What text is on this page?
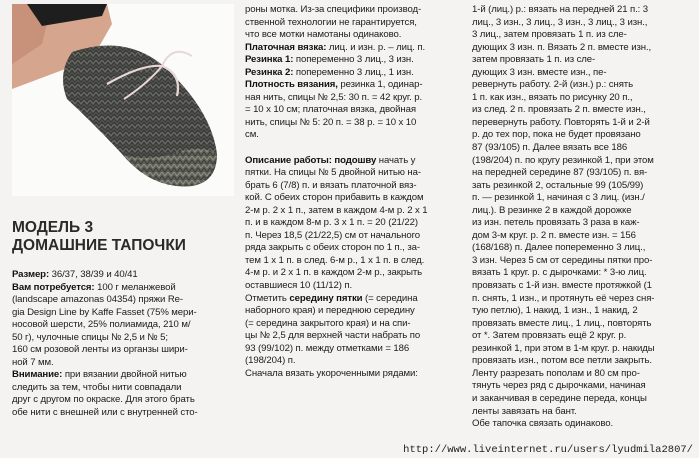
МОДЕЛЬ 3
ДОМАШНИЕ ТАПОЧКИ
Размер: 36/37, 38/39 и 40/41
Вам потребуется: 100 г меланжевой
(landscape amazonas 04354) пряжи Re-
gia Design Line by Kaffe Fasset (75% мери-
носовой шерсти, 25% полиамида, 210 м/
50 г), чулочные спицы № 2,5 и № 5;
160 см розовой ленты из органзы шири-
ной 7 мм.
Внимание: при вязании двойной нитью
следить за тем, чтобы нити совпадали
друг с другом по окраске. Для этого брать
обе нити с внешней или с внутренней сто-
роны мотка. Из-за специфики производ-
ственной технологии не гарантируется,
что все мотки намотаны одинаково.
Платочная вязка: лиц. и изн. р. – лиц. п.
Резинка 1: попеременно 3 лиц., 3 изн.
Резинка 2: попеременно 3 лиц., 1 изн.
Плотность вязания, резинка 1, одинар-
ная нить, спицы № 2,5: 30 п. = 42 круг. р.
= 10 х 10 см; платочная вязка, двойная
нить, спицы № 5: 20 п. = 38 р. = 10 х 10
см.
Описание работы: подошву начать у
пятки. На спицы № 5 двойной нитью на-
брать 6 (7/8) п. и вязать платочной вяз-
кой. С обеих сторон прибавить в каждом
2-м р. 2 х 1 п., затем в каждом 4-м р. 2 х 1
п. и в каждом 8-м р. 3 х 1 п. = 20 (21/22)
п. Через 18,5 (21/22,5) см от начального
ряда закрыть с обеих сторон по 1 п., за-
тем 1 х 1 п. в след. 6-м р., 1 х 1 п. в след.
4-м р. и 2 х 1 п. в каждом 2-м р., закрыть
оставшиеся 10 (11/12) п.
Отметить середину пятки (= середина
наборного края) и переднюю середину
(= середина закрытого края) и на спи-
цы № 2,5 для верхней части набрать по
93 (99/102) п. между отметками = 186
(198/204) п.
Сначала вязать укороченными рядами:
1-й (лиц.) р.: вязать на передней 21 п.: 3
лиц., 3 изн., 3 лиц., 3 изн., 3 лиц., 3 изн.,
3 лиц., затем провязать 1 п. из сле-
дующих 3 изн. п. Вязать 2 п. вместе изн.,
затем провязать 1 п. из сле-
дующих 3 изн. вместе изн., пе-
ревернуть работу. 2-й (изн.) р.: снять
1 п. как изн., вязать по рисунку 20 п.,
из след. 2 п. провязать 2 п. вместе изн.,
перевернуть работу. Повторять 1-й и 2-й
р. до тех пор, пока не будет провязано
87 (93/105) п. Далее вязать все 186
(198/204) п. по кругу резинкой 1, при этом
на передней середине 87 (93/105) п. вя-
зать резинкой 2, остальные 99 (105/99)
п. — резинкой 1, начиная с 3 лиц. (изн./
лиц.). В резинке 2 в каждой дорожке
из изн. петель провязать 3 раза в каж-
дом 3-м круг. р. 2 п. вместе изн. = 156
(168/168) п. Далее попеременно 3 лиц.,
3 изн. Через 5 см от середины пятки про-
вязать 1 круг. р. с дырочками: * 3-ю лиц.
провязать с 1-й изн. вместе протяжкой (1
п. снять, 1 изн., и протянуть её через сня-
тую петлю), 1 накид, 1 изн., 1 накид, 2
провязать вместе лиц., 1 лиц., повторять
от *. Затем провязать ещё 2 круг. р.
резинкой 1, при этом в 1-м круг. р. накиды
провязать изн., потом все петли закрыть.
Ленту разрезать пополам и 80 см про-
тянуть через ряд с дырочками, начиная
и заканчивая в середине переда, концы
ленты завязать на бант.
Обе тапочка связать одинаково.
http://www.liveinternet.ru/users/lyudmila2807/
